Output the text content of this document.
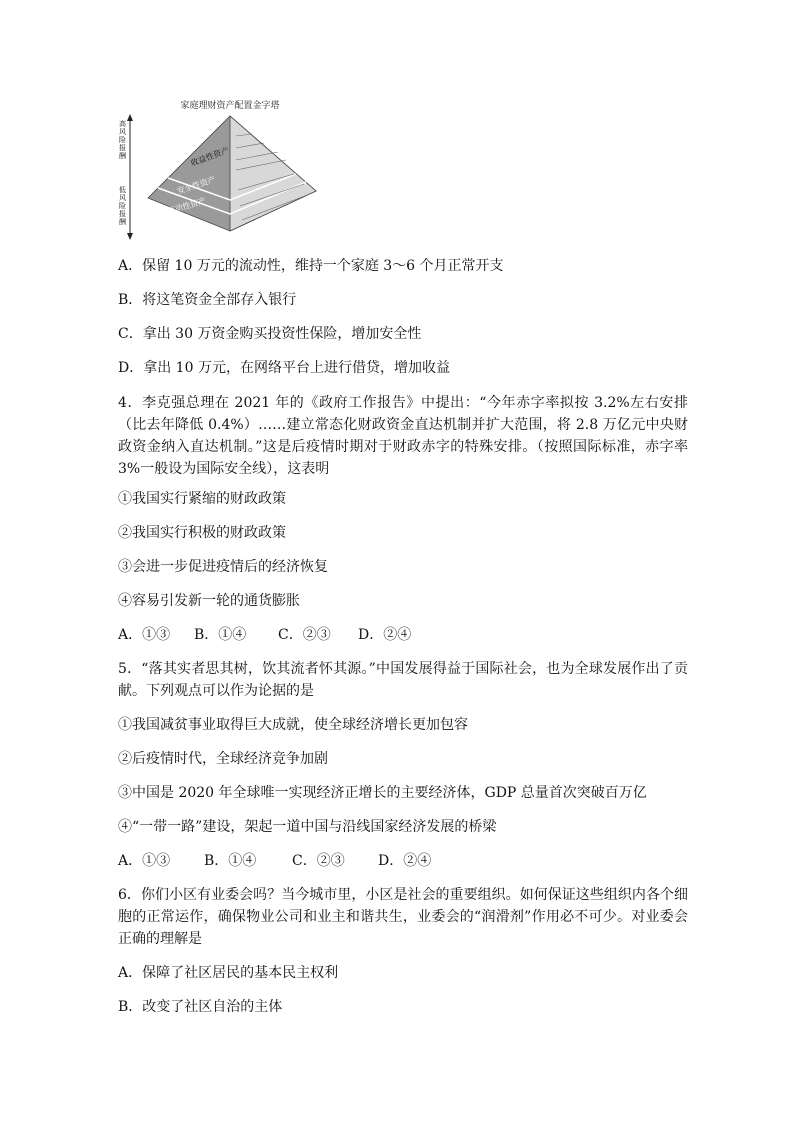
家庭理财资产配置金字塔
高风险报酬
低风险报酬
收益性资产
安全性资产
流动性资产
A．保留 10 万元的流动性，维持一个家庭 3～6 个月正常开支
B．将这笔资金全部存入银行
C．拿出 30 万资金购买投资性保险，增加安全性
D．拿出 10 万元，在网络平台上进行借贷，增加收益
4．李克强总理在 2021 年的《政府工作报告》中提出：“今年赤字率拟按 3.2%左右安排（比去年降低 0.4%）……建立常态化财政资金直达机制并扩大范围，将 2.8 万亿元中央财政资金纳入直达机制。”这是后疫情时期对于财政赤字的特殊安排。（按照国际标准，赤字率 3%一般设为国际安全线），这表明
①我国实行紧缩的财政政策
②我国实行积极的财政政策
③会进一步促进疫情后的经济恢复
④容易引发新一轮的通货膨胀
A．①③ B．①④ C．②③ D．②④
5．“落其实者思其树，饮其流者怀其源。”中国发展得益于国际社会，也为全球发展作出了贡献。下列观点可以作为论据的是
①我国减贫事业取得巨大成就，使全球经济增长更加包容
②后疫情时代，全球经济竞争加剧
③中国是 2020 年全球唯一实现经济正增长的主要经济体，GDP 总量首次突破百万亿
④“一带一路”建设，架起一道中国与沿线国家经济发展的桥梁
A．①③ B．①④	C．②③ D．②④
6．你们小区有业委会吗？当今城市里，小区是社会的重要组织。如何保证这些组织内各个细胞的正常运作，确保物业公司和业主和谐共生，业委会的“润滑剂”作用必不可少。对业委会正确的理解是
A．保障了社区居民的基本民主权利
B．改变了社区自治的主体
